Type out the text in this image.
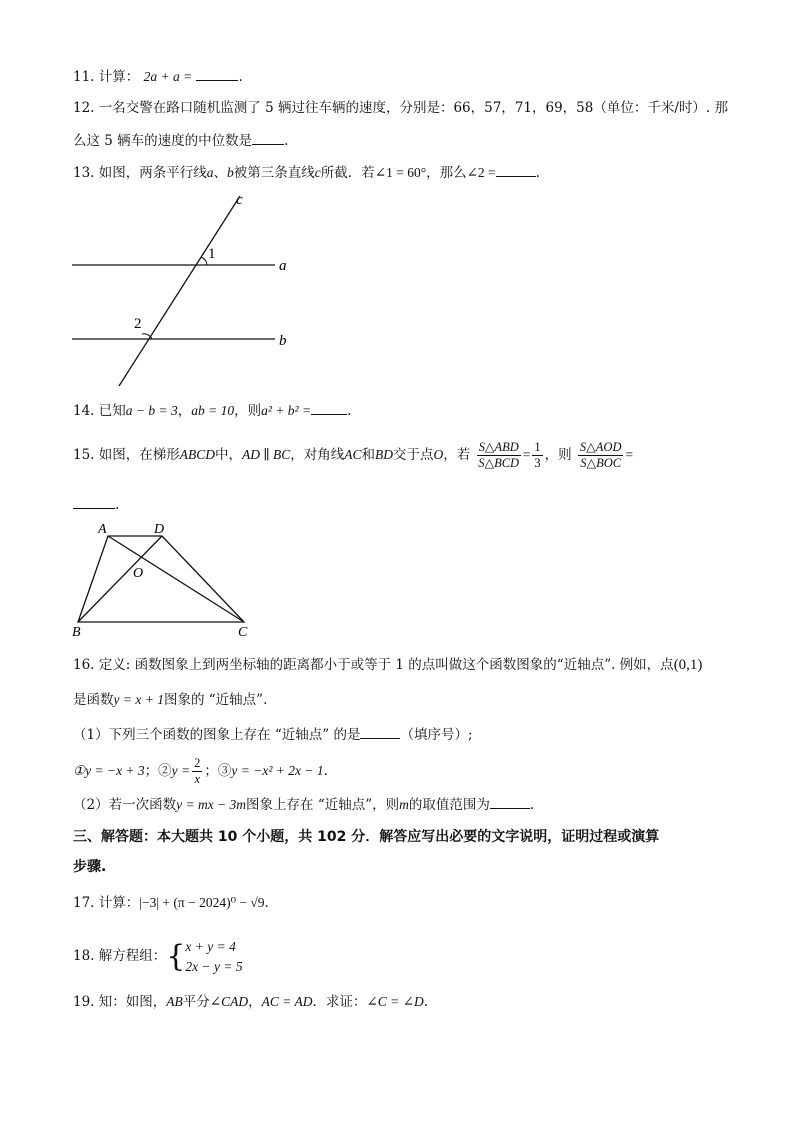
11. 计算： 2a + a =	.
12. 一名交警在路口随机监测了 5 辆过往车辆的速度，分别是：66，57，71，69，58（单位：千米/时）. 那
么这 5 辆车的速度的中位数是 .
13. 如图，两条平行线a、b被第三条直线c所截．若∠1 = 60°，那么∠2 =	.
c
1
a
2
b
14. 已知a − b = 3，ab = 10，则a² + b² =	.
15. 如图，在梯形ABCD中，AD ∥ BC，对角线AC和BD交于点O，若 $\frac{\text{S△ABD}}{\text{S△BCD}} = \frac{1}{3}$ ，则 $\frac{\text{S△AOD}}{\text{S△BOC}}$ =
.
A	D
O
B	C
16. 定义: 函数图象上到两坐标轴的距离都小于或等于 1 的点叫做这个函数图象的“近轴点”. 例如，点(0,1)
是函数y = x + 1图象的 “近轴点”.
（1）下列三个函数的图象上存在 “近轴点” 的是	（填序号）;
①y = −x + 3；②y = $\frac{2}{x}$ ；③y = −x² + 2x − 1.
（2）若一次函数y = mx − 3m图象上存在 “近轴点”，则m的取值范围为	.
三、解答题：本大题共 10 个小题，共 102 分．解答应写出必要的文字说明，证明过程或演算
步骤.
17. 计算：|−3| + (π − 2024)⁰ − √9.
18. 解方程组：{ x + y = 4
2x − y = 5
19. 知：如图，AB平分∠CAD，AC = AD．求证：∠C = ∠D.
